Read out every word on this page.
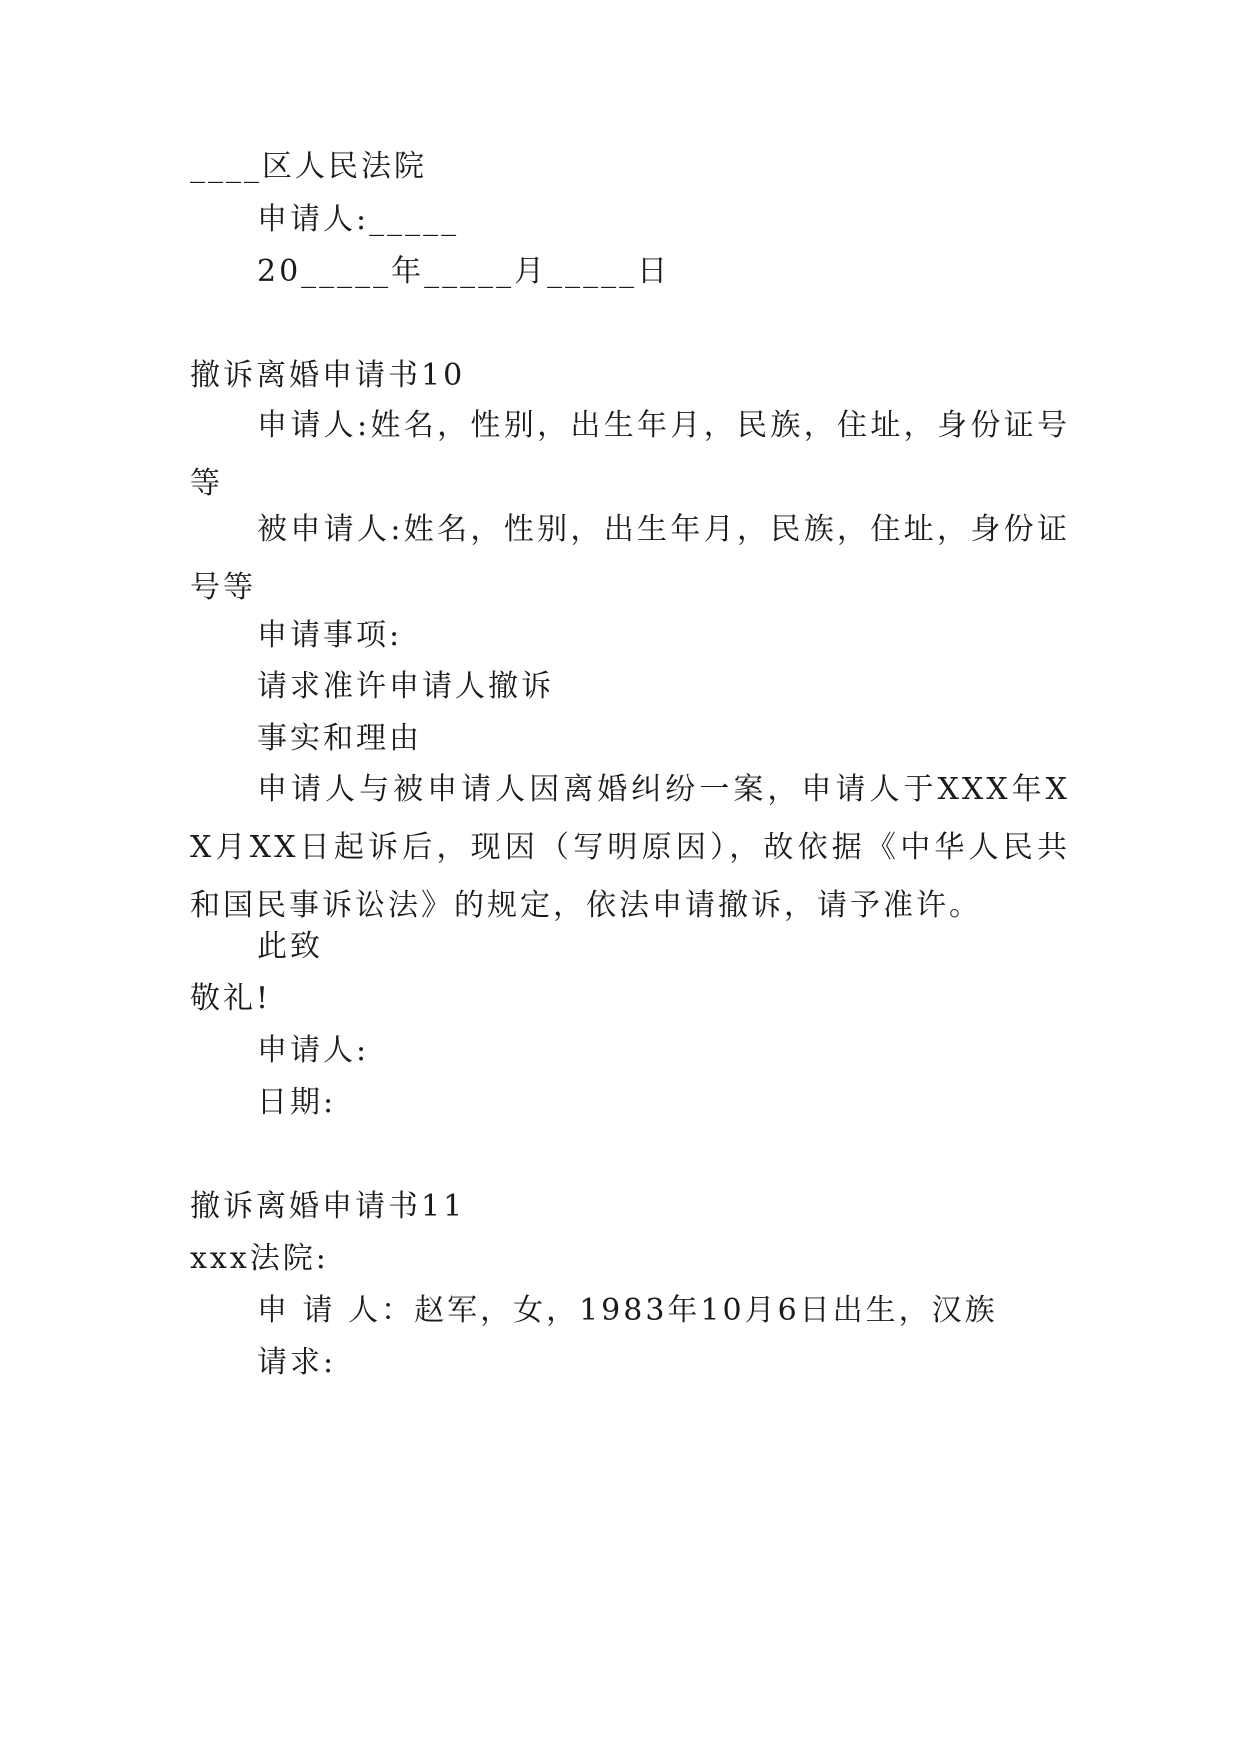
____区人民法院
申请人:_____
20_____年_____月_____日
撤诉离婚申请书10
申请人:姓名，性别，出生年月，民族，住址，身份证号等
被申请人:姓名，性别，出生年月，民族，住址，身份证号等
申请事项:
请求准许申请人撤诉
事实和理由
申请人与被申请人因离婚纠纷一案，申请人于XXX年XX月XX日起诉后，现因（写明原因），故依据《中华人民共和国民事诉讼法》的规定，依法申请撤诉，请予准许。
此致
敬礼!
申请人:
日期:
撤诉离婚申请书11
xxx法院:
申 请 人：赵军，女，1983年10月6日出生，汉族
请求:
